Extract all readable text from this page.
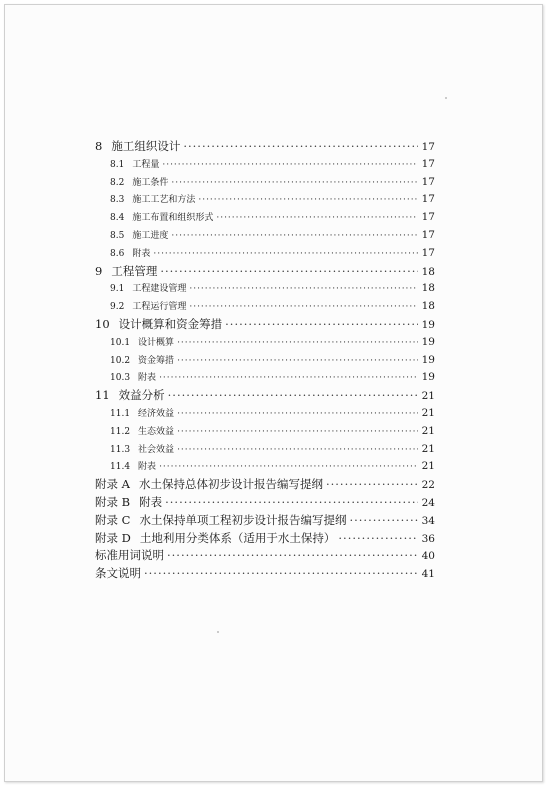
8 施工组织设计 ·····	17
8.1 工程量 ·····	17
8.2 施工条件 ·····	17
8.3 施工工艺和方法 ·····	17
8.4 施工布置和组织形式 ·····	17
8.5 施工进度 ·····	17
8.6 附表 ·····	17
9 工程管理 ·····	18
9.1 工程建设管理 ·····	18
9.2 工程运行管理 ·····	18
10 设计概算和资金筹措 ·····	19
10.1 设计概算 ·····	19
10.2 资金筹措 ·····	19
10.3 附表 ·····	19
11 效益分析 ·····	21
11.1 经济效益 ·····	21
11.2 生态效益 ·····	21
11.3 社会效益 ·····	21
11.4 附表 ·····	21
附录 A 水土保持总体初步设计报告编写提纲 ·····	22
附录 B 附表 ·····	24
附录 C 水土保持单项工程初步设计报告编写提纲 ·····	34
附录 D 土地利用分类体系（适用于水土保持） ·····	36
标准用词说明 ·····	40
条文说明 ·····	41
